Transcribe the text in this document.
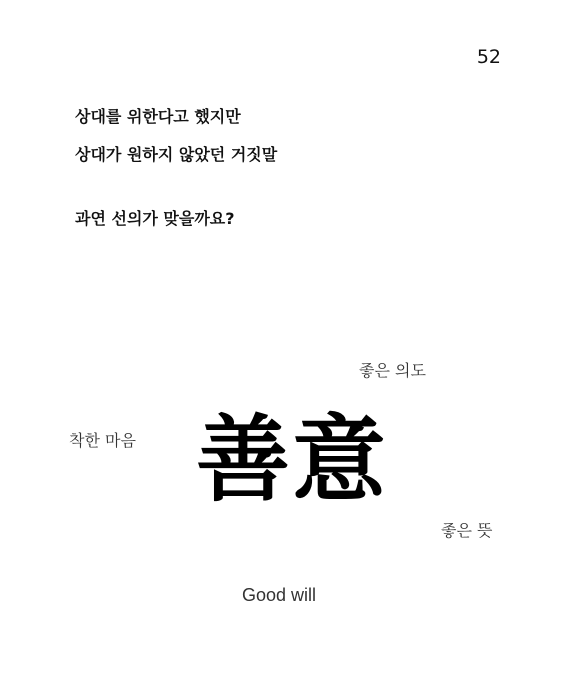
52
상대를 위한다고 했지만
상대가 원하지 않았던 거짓말
과연 선의가 맞을까요?
좋은 의도
착한 마음 善意
좋은 뜻
Good will
